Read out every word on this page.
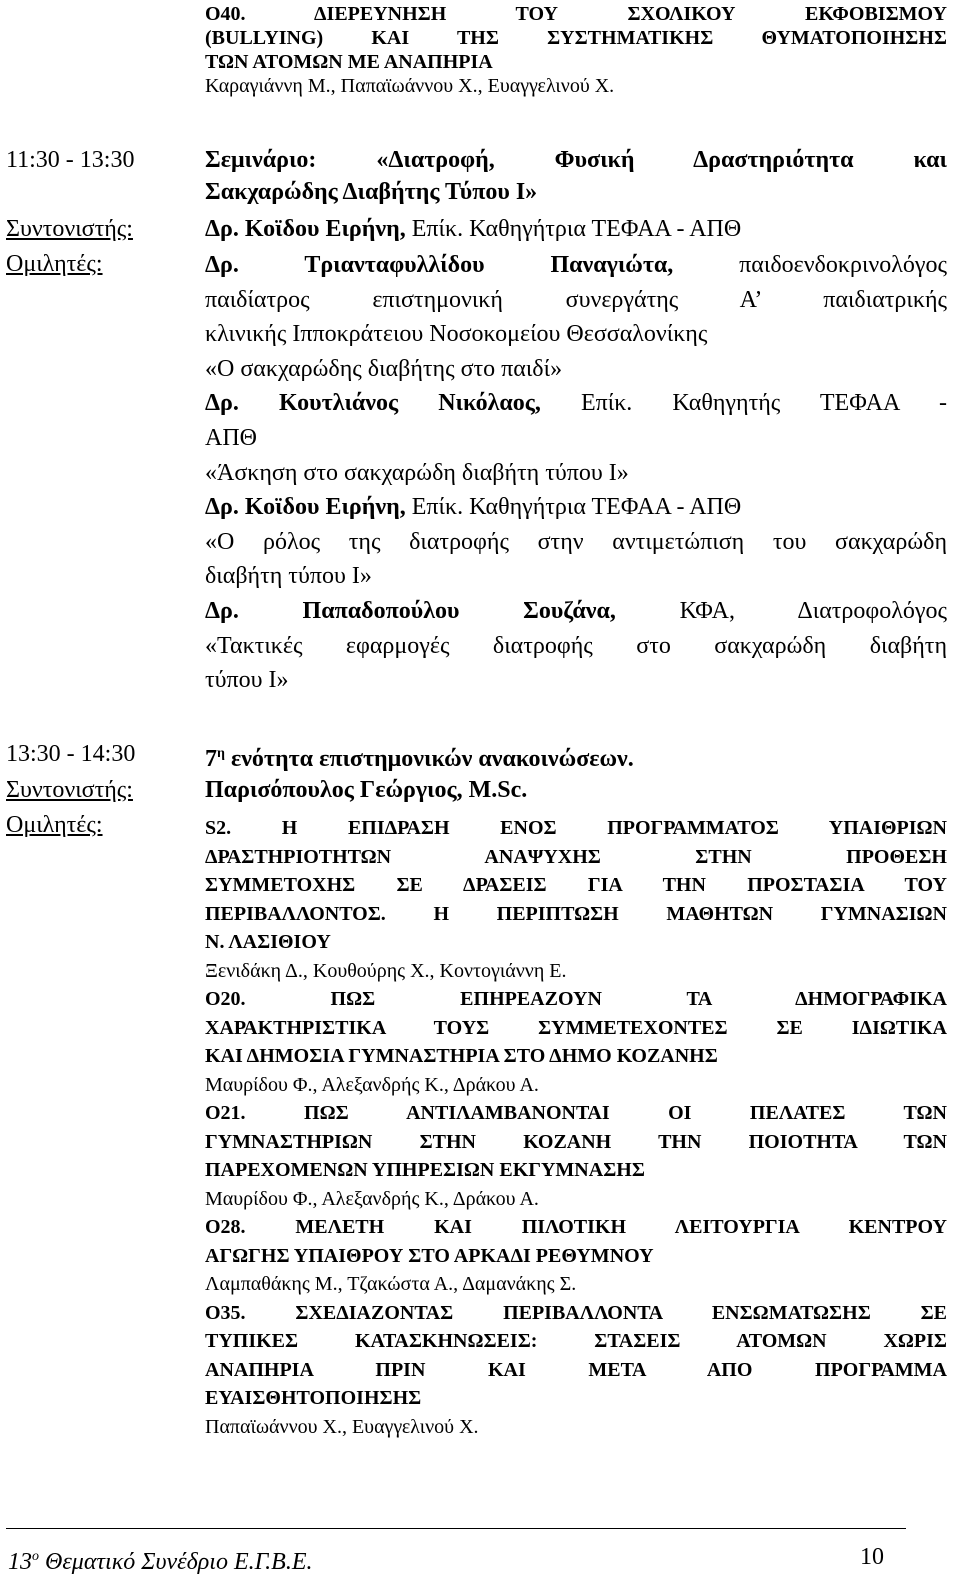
Ο40. ΔΙΕΡΕΥΝΗΣΗ ΤΟΥ ΣΧΟΛΙΚΟΥ ΕΚΦΟΒΙΣΜΟΥ
(BULLYING) ΚΑΙ ΤΗΣ ΣΥΣΤΗΜΑΤΙΚΗΣ ΘΥΜΑΤΟΠΟΙΗΣΗΣ
ΤΩΝ ΑΤΟΜΩΝ ΜΕ ΑΝΑΠΗΡΙΑ
Καραγιάννη Μ., Παπαϊωάννου Χ., Ευαγγελινού Χ.
11:30 - 13:30	Σεμινάριο: «Διατροφή, Φυσική Δραστηριότητα και
Σακχαρώδης Διαβήτης Τύπου Ι»
Συντονιστής:	Δρ. Κοϊδου Ειρήνη, Επίκ. Καθηγήτρια ΤΕΦΑΑ - ΑΠΘ
Ομιλητές:	Δρ. Τριανταφυλλίδου Παναγιώτα, παιδοενδοκρινολόγος
παιδίατρος επιστημονική συνεργάτης Α’ παιδιατρικής
κλινικής Ιπποκράτειου Νοσοκομείου Θεσσαλονίκης
«Ο σακχαρώδης διαβήτης στο παιδί»
Δρ. Κουτλιάνος Νικόλαος, Επίκ. Καθηγητής ΤΕΦΑΑ -
ΑΠΘ
«Άσκηση στο σακχαρώδη διαβήτη τύπου Ι»
Δρ. Κοϊδου Ειρήνη, Επίκ. Καθηγήτρια ΤΕΦΑΑ - ΑΠΘ
«Ο ρόλος της διατροφής στην αντιμετώπιση του σακχαρώδη
διαβήτη τύπου Ι»
Δρ. Παπαδοπούλου Σουζάνα, ΚΦΑ, Διατροφολόγος
«Τακτικές εφαρμογές διατροφής στο σακχαρώδη διαβήτη
τύπου Ι»
13:30 - 14:30	$7^\eta$ ενότητα επιστημονικών ανακοινώσεων.
Συντονιστής:	Παρισόπουλος Γεώργιος, M.Sc.
Ομιλητές:	S2. Η ΕΠΙΔΡΑΣΗ ΕΝΟΣ ΠΡΟΓΡΑΜΜΑΤΟΣ ΥΠΑΙΘΡΙΩΝ
ΔΡΑΣΤΗΡΙΟΤΗΤΩΝ ΑΝΑΨΥΧΗΣ ΣΤΗΝ ΠΡΟΘΕΣΗ
ΣΥΜΜΕΤΟΧΗΣ ΣΕ ΔΡΑΣΕΙΣ ΓΙΑ ΤΗΝ ΠΡΟΣΤΑΣΙΑ ΤΟΥ
ΠΕΡΙΒΑΛΛΟΝΤΟΣ. Η ΠΕΡΙΠΤΩΣΗ ΜΑΘΗΤΩΝ ΓΥΜΝΑΣΙΩΝ
Ν. ΛΑΣΙΘΙΟΥ
Ξενιδάκη Δ., Κουθούρης Χ., Κοντογιάννη Ε.
Ο20. ΠΩΣ ΕΠΗΡΕΑΖΟΥΝ ΤΑ ΔΗΜΟΓΡΑΦΙΚΑ
ΧΑΡΑΚΤΗΡΙΣΤΙΚΑ ΤΟΥΣ ΣΥΜΜΕΤΕΧΟΝΤΕΣ ΣΕ ΙΔΙΩΤΙΚΑ
ΚΑΙ ΔΗΜΟΣΙΑ ΓΥΜΝΑΣΤΗΡΙΑ ΣΤΟ ΔΗΜΟ ΚΟΖΑΝΗΣ
Μαυρίδου Φ., Αλεξανδρής Κ., Δράκου Α.
Ο21. ΠΩΣ ΑΝΤΙΛΑΜΒΑΝΟΝΤΑΙ ΟΙ ΠΕΛΑΤΕΣ ΤΩΝ
ΓΥΜΝΑΣΤΗΡΙΩΝ ΣΤΗΝ ΚΟΖΑΝΗ ΤΗΝ ΠΟΙΟΤΗΤΑ ΤΩΝ
ΠΑΡΕΧΟΜΕΝΩΝ ΥΠΗΡΕΣΙΩΝ ΕΚΓΥΜΝΑΣΗΣ
Μαυρίδου Φ., Αλεξανδρής Κ., Δράκου Α.
Ο28. ΜΕΛΕΤΗ ΚΑΙ ΠΙΛΟΤΙΚΗ ΛΕΙΤΟΥΡΓΙΑ ΚΕΝΤΡΟΥ
ΑΓΩΓΗΣ ΥΠΑΙΘΡΟΥ ΣΤΟ ΑΡΚΑΔΙ ΡΕΘΥΜΝΟΥ
Λαμπαθάκης Μ., Τζακώστα Α., Δαμανάκης Σ.
Ο35. ΣΧΕΔΙΑΖΟΝΤΑΣ ΠΕΡΙΒΑΛΛΟΝΤΑ ΕΝΣΩΜΑΤΩΣΗΣ ΣΕ
ΤΥΠΙΚΕΣ ΚΑΤΑΣΚΗΝΩΣΕΙΣ: ΣΤΑΣΕΙΣ ΑΤΟΜΩΝ ΧΩΡΙΣ
ΑΝΑΠΗΡΙΑ ΠΡΙΝ ΚΑΙ ΜΕΤΑ ΑΠΟ ΠΡΟΓΡΑΜΜΑ
ΕΥΑΙΣΘΗΤΟΠΟΙΗΣΗΣ
Παπαϊωάννου Χ., Ευαγγελινού Χ.
$13^o$ Θεματικό Συνέδριο Ε.Γ.Β.Ε.	10
